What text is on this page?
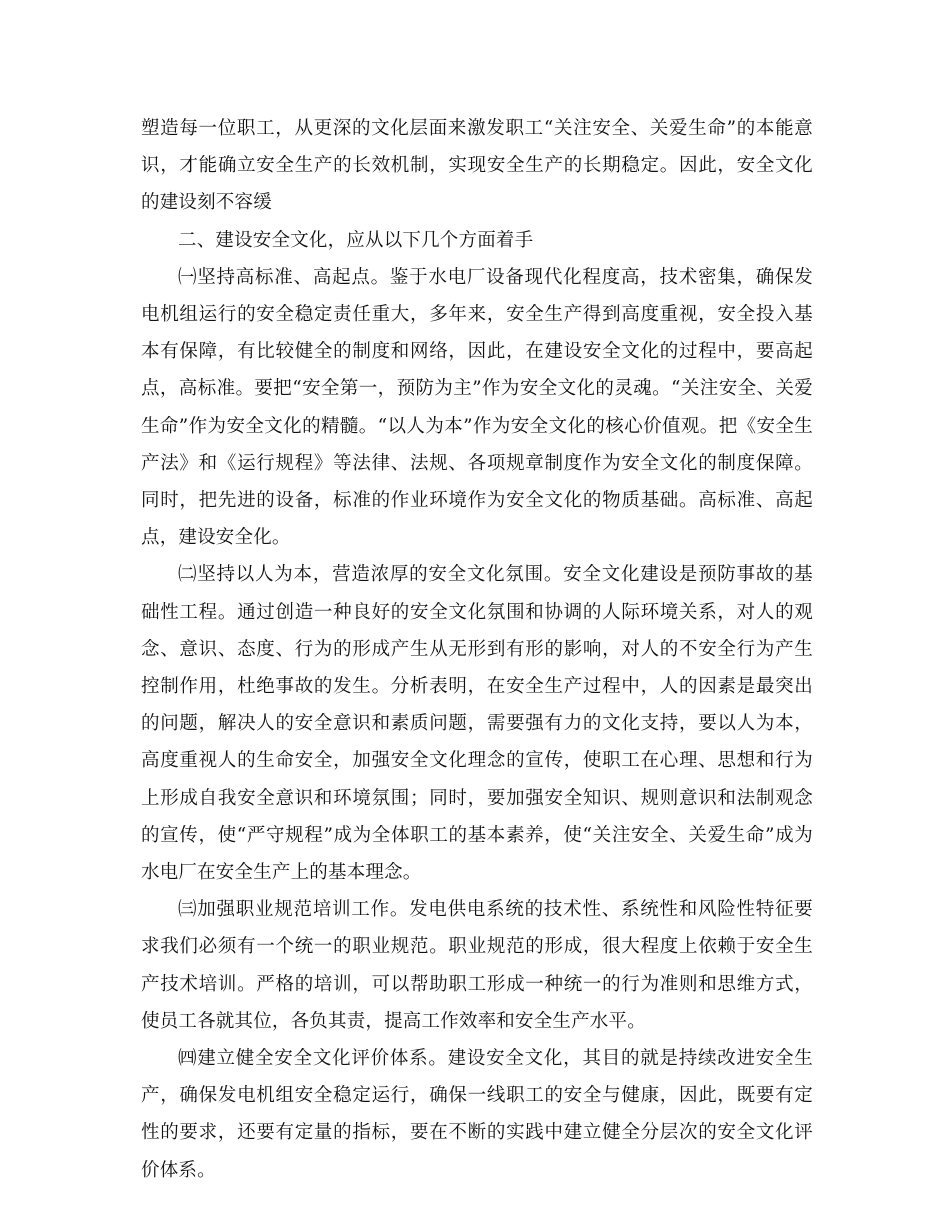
塑造每一位职工，从更深的文化层面来激发职工“关注安全、关爱生命”的本能意识，才能确立安全生产的长效机制，实现安全生产的长期稳定。因此，安全文化的建设刻不容缓

二、建设安全文化，应从以下几个方面着手

㈠坚持高标准、高起点。鉴于水电厂设备现代化程度高，技术密集，确保发电机组运行的安全稳定责任重大，多年来，安全生产得到高度重视，安全投入基本有保障，有比较健全的制度和网络，因此，在建设安全文化的过程中，要高起点，高标准。要把“安全第一，预防为主”作为安全文化的灵魂。“关注安全、关爱生命”作为安全文化的精髓。“以人为本”作为安全文化的核心价值观。把《安全生产法》和《运行规程》等法律、法规、各项规章制度作为安全文化的制度保障。同时，把先进的设备，标准的作业环境作为安全文化的物质基础。高标准、高起点，建设安全化。

㈡坚持以人为本，营造浓厚的安全文化氛围。安全文化建设是预防事故的基础性工程。通过创造一种良好的安全文化氛围和协调的人际环境关系，对人的观念、意识、态度、行为的形成产生从无形到有形的影响，对人的不安全行为产生控制作用，杜绝事故的发生。分析表明，在安全生产过程中，人的因素是最突出的问题，解决人的安全意识和素质问题，需要强有力的文化支持，要以人为本，高度重视人的生命安全，加强安全文化理念的宣传，使职工在心理、思想和行为上形成自我安全意识和环境氛围；同时，要加强安全知识、规则意识和法制观念的宣传，使“严守规程”成为全体职工的基本素养，使“关注安全、关爱生命”成为水电厂在安全生产上的基本理念。

㈢加强职业规范培训工作。发电供电系统的技术性、系统性和风险性特征要求我们必须有一个统一的职业规范。职业规范的形成，很大程度上依赖于安全生产技术培训。严格的培训，可以帮助职工形成一种统一的行为准则和思维方式，使员工各就其位，各负其责，提高工作效率和安全生产水平。

㈣建立健全安全文化评价体系。建设安全文化，其目的就是持续改进安全生产，确保发电机组安全稳定运行，确保一线职工的安全与健康，因此，既要有定性的要求，还要有定量的指标，要在不断的实践中建立健全分层次的安全文化评价体系。
